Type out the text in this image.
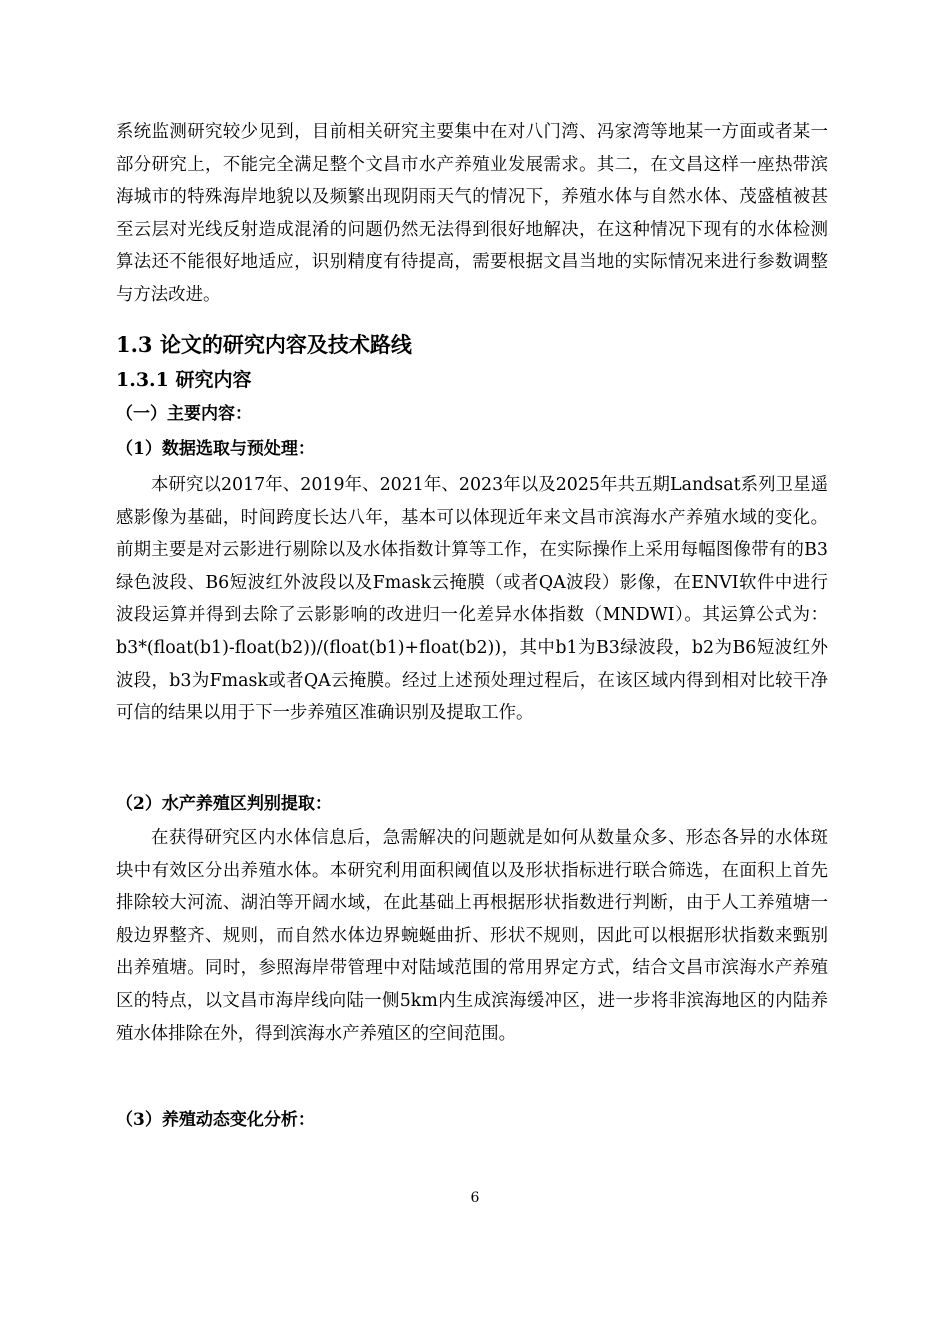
系统监测研究较少见到，目前相关研究主要集中在对八门湾、冯家湾等地某一方面或者某一部分研究上，不能完全满足整个文昌市水产养殖业发展需求。其二，在文昌这样一座热带滨海城市的特殊海岸地貌以及频繁出现阴雨天气的情况下，养殖水体与自然水体、茂盛植被甚至云层对光线反射造成混淆的问题仍然无法得到很好地解决，在这种情况下现有的水体检测算法还不能很好地适应，识别精度有待提高，需要根据文昌当地的实际情况来进行参数调整与方法改进。

1.3 论文的研究内容及技术路线
1.3.1 研究内容
（一）主要内容：
（1）数据选取与预处理：

本研究以2017年、2019年、2021年、2023年以及2025年共五期Landsat系列卫星遥感影像为基础，时间跨度长达八年，基本可以体现近年来文昌市滨海水产养殖水域的变化。前期主要是对云影进行剔除以及水体指数计算等工作，在实际操作上采用每幅图像带有的B3绿色波段、B6短波红外波段以及Fmask云掩膜（或者QA波段）影像，在ENVI软件中进行波段运算并得到去除了云影影响的改进归一化差异水体指数（MNDWI）。其运算公式为：b3*(float(b1)-float(b2))/(float(b1)+float(b2))，其中b1为B3绿波段，b2为B6短波红外波段，b3为Fmask或者QA云掩膜。经过上述预处理过程后，在该区域内得到相对比较干净可信的结果以用于下一步养殖区准确识别及提取工作。

（2）水产养殖区判别提取：

在获得研究区内水体信息后，急需解决的问题就是如何从数量众多、形态各异的水体斑块中有效区分出养殖水体。本研究利用面积阈值以及形状指标进行联合筛选，在面积上首先排除较大河流、湖泊等开阔水域，在此基础上再根据形状指数进行判断，由于人工养殖塘一般边界整齐、规则，而自然水体边界蜿蜒曲折、形状不规则，因此可以根据形状指数来甄别出养殖塘。同时，参照海岸带管理中对陆域范围的常用界定方式，结合文昌市滨海水产养殖区的特点，以文昌市海岸线向陆一侧5km内生成滨海缓冲区，进一步将非滨海地区的内陆养殖水体排除在外，得到滨海水产养殖区的空间范围。

（3）养殖动态变化分析：
6
